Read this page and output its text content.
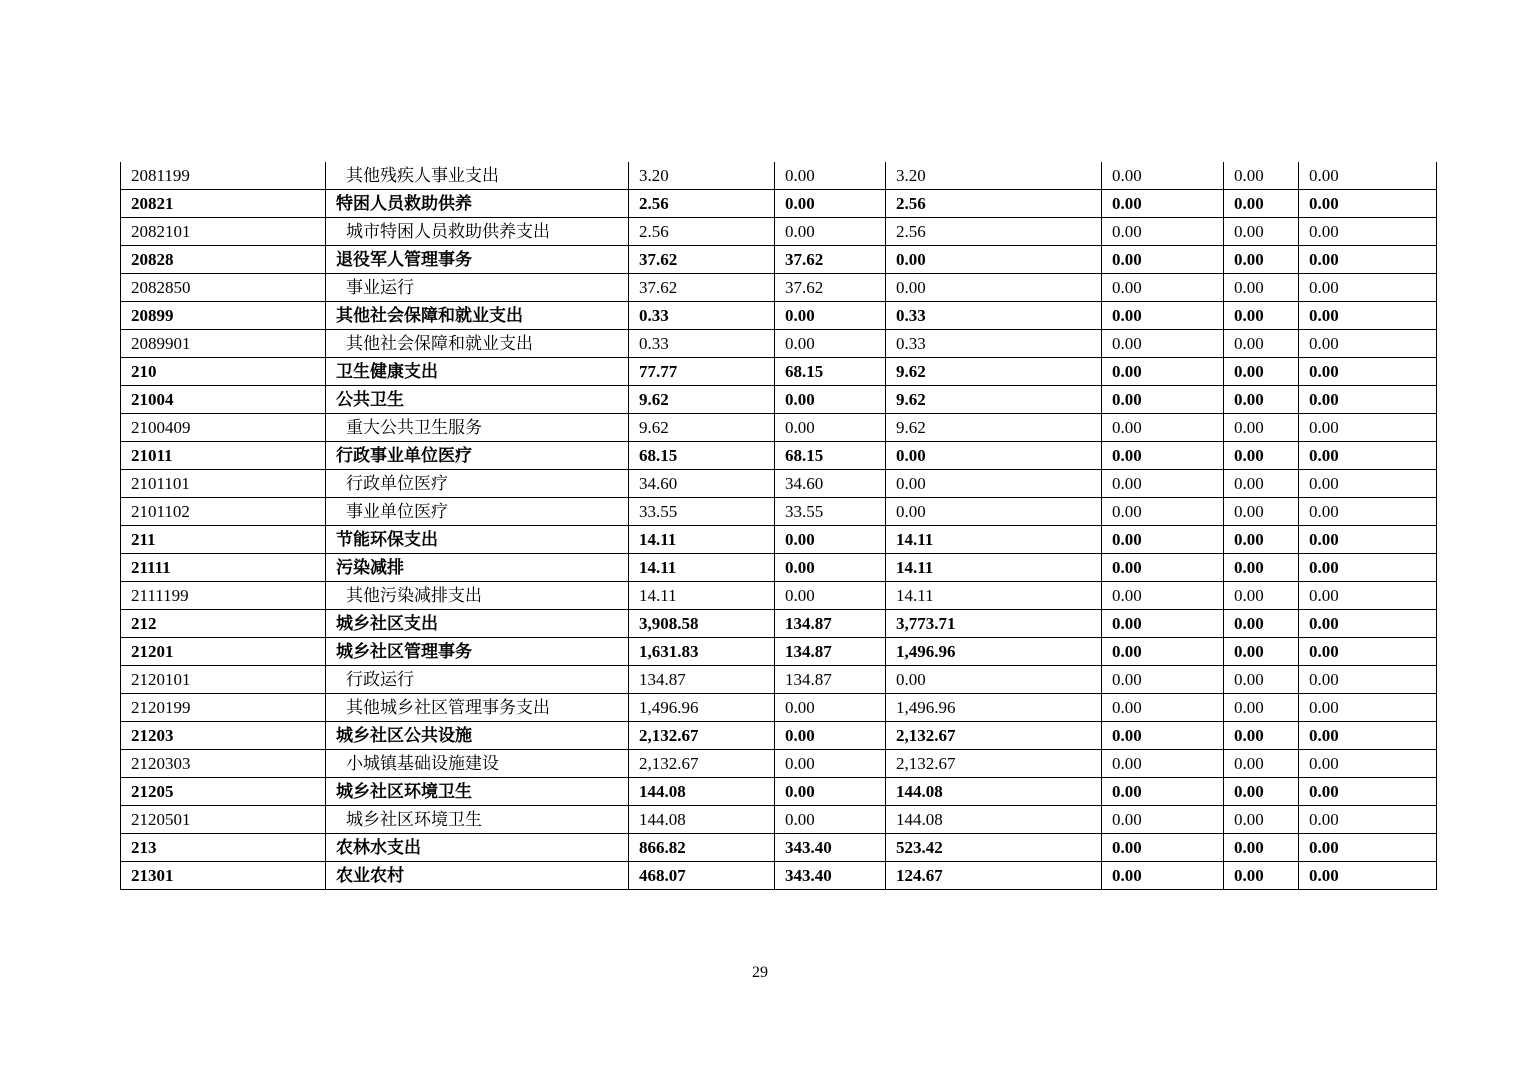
2081199	其他残疾人事业支出	3.20	0.00	3.20	0.00	0.00	0.00
20821	特困人员救助供养	2.56	0.00	2.56	0.00	0.00	0.00
2082101	城市特困人员救助供养支出	2.56	0.00	2.56	0.00	0.00	0.00
20828	退役军人管理事务	37.62	37.62	0.00	0.00	0.00	0.00
2082850	事业运行	37.62	37.62	0.00	0.00	0.00	0.00
20899	其他社会保障和就业支出	0.33	0.00	0.33	0.00	0.00	0.00
2089901	其他社会保障和就业支出	0.33	0.00	0.33	0.00	0.00	0.00
210	卫生健康支出	77.77	68.15	9.62	0.00	0.00	0.00
21004	公共卫生	9.62	0.00	9.62	0.00	0.00	0.00
2100409	重大公共卫生服务	9.62	0.00	9.62	0.00	0.00	0.00
21011	行政事业单位医疗	68.15	68.15	0.00	0.00	0.00	0.00
2101101	行政单位医疗	34.60	34.60	0.00	0.00	0.00	0.00
2101102	事业单位医疗	33.55	33.55	0.00	0.00	0.00	0.00
211	节能环保支出	14.11	0.00	14.11	0.00	0.00	0.00
21111	污染减排	14.11	0.00	14.11	0.00	0.00	0.00
2111199	其他污染减排支出	14.11	0.00	14.11	0.00	0.00	0.00
212	城乡社区支出	3,908.58	134.87	3,773.71	0.00	0.00	0.00
21201	城乡社区管理事务	1,631.83	134.87	1,496.96	0.00	0.00	0.00
2120101	行政运行	134.87	134.87	0.00	0.00	0.00	0.00
2120199	其他城乡社区管理事务支出	1,496.96	0.00	1,496.96	0.00	0.00	0.00
21203	城乡社区公共设施	2,132.67	0.00	2,132.67	0.00	0.00	0.00
2120303	小城镇基础设施建设	2,132.67	0.00	2,132.67	0.00	0.00	0.00
21205	城乡社区环境卫生	144.08	0.00	144.08	0.00	0.00	0.00
2120501	城乡社区环境卫生	144.08	0.00	144.08	0.00	0.00	0.00
213	农林水支出	866.82	343.40	523.42	0.00	0.00	0.00
21301	农业农村	468.07	343.40	124.67	0.00	0.00	0.00
29
